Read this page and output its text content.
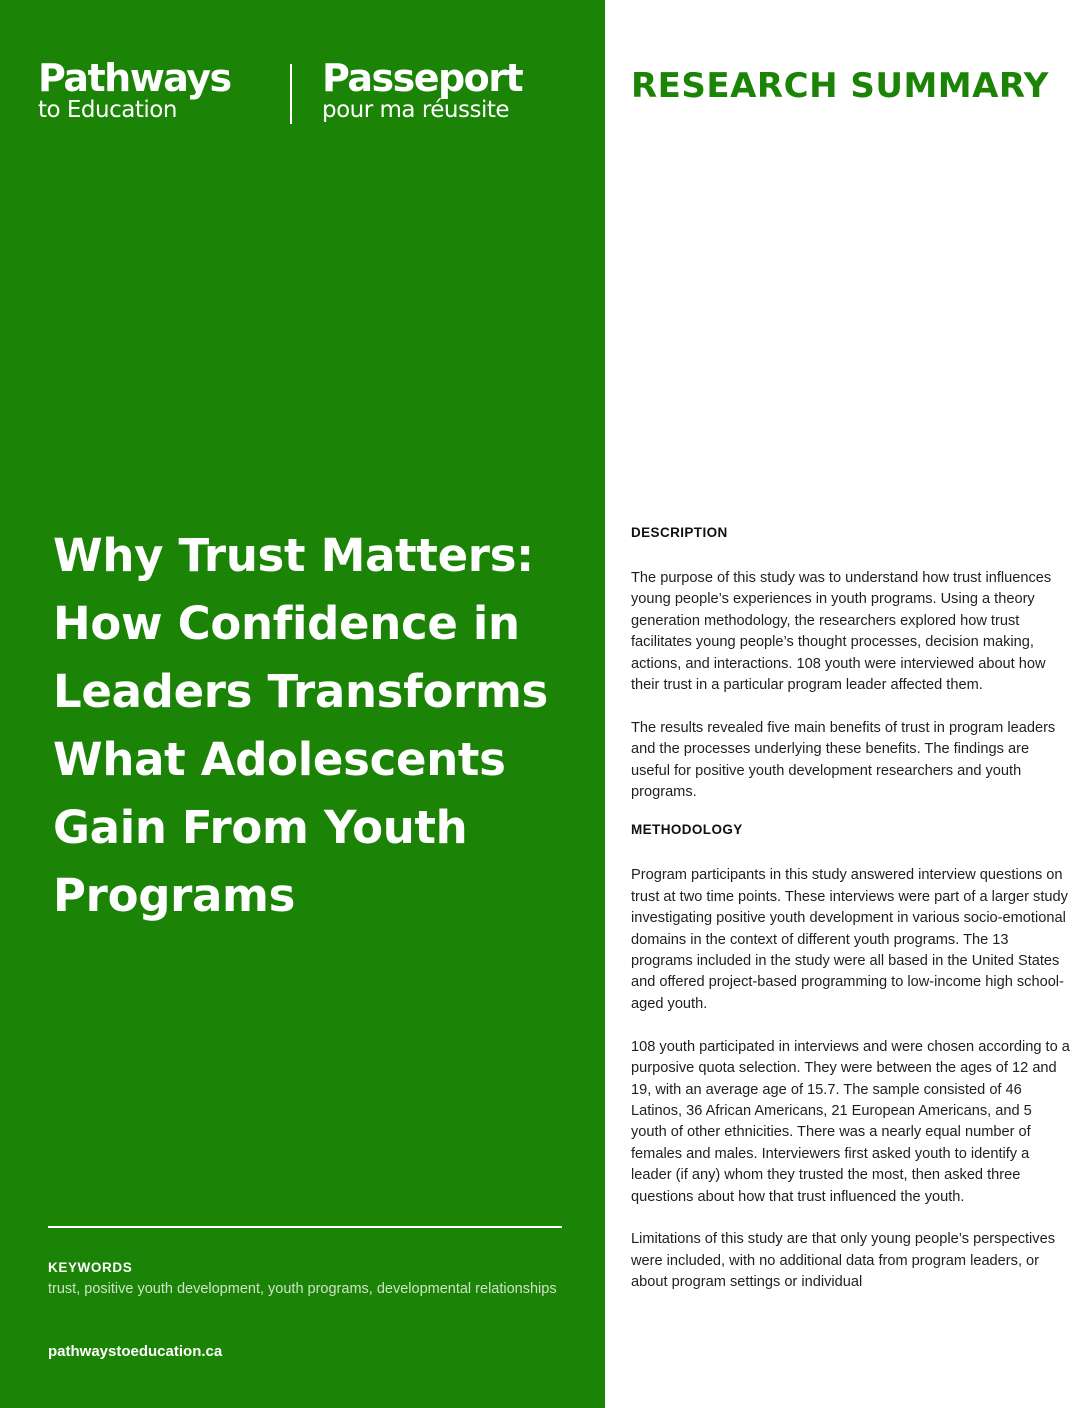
Pathways
to Education
Passeport
pour ma réussite
Why Trust Matters: How Confidence in Leaders Transforms What Adolescents Gain From Youth Programs
KEYWORDS
trust, positive youth development, youth programs, developmental relationships
pathwaystoeducation.ca
RESEARCH SUMMARY
DESCRIPTION

The purpose of this study was to understand how trust influences young people’s experiences in youth programs. Using a theory generation methodology, the researchers explored how trust facilitates young people’s thought processes, decision making, actions, and interactions. 108 youth were interviewed about how their trust in a particular program leader affected them.

The results revealed five main benefits of trust in program leaders and the processes underlying these benefits. The findings are useful for positive youth development researchers and youth programs.

METHODOLOGY

Program participants in this study answered interview questions on trust at two time points. These interviews were part of a larger study investigating positive youth development in various socio-emotional domains in the context of different youth programs. The 13 programs included in the study were all based in the United States and offered project-based programming to low-income high school-aged youth.

108 youth participated in interviews and were chosen according to a purposive quota selection. They were between the ages of 12 and 19, with an average age of 15.7. The sample consisted of 46 Latinos, 36 African Americans, 21 European Americans, and 5 youth of other ethnicities. There was a nearly equal number of females and males. Interviewers first asked youth to identify a leader (if any) whom they trusted the most, then asked three questions about how that trust influenced the youth.

Limitations of this study are that only young people’s perspectives were included, with no additional data from program leaders, or about program settings or individual
